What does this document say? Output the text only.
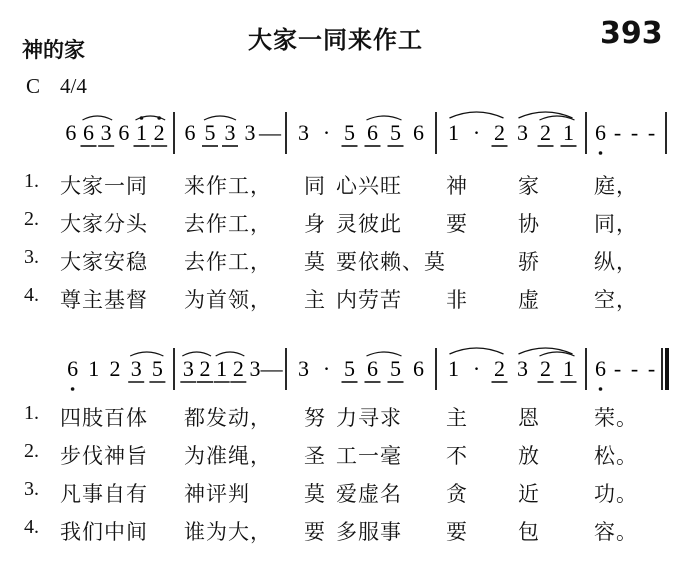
神的家	大家一同来作工	393
C 4/4
6 6 3 6 1 2 6 5 3 3 — 3 · 5 6 5 6 1 · 2 3 2 1 6 - - -
6 1 2 3 5 3 2 1 2 3 — 3 · 5 6 5 6 1 · 2 3 2 1 6 - - -
1. 大家一同 来作工， 同 心兴旺 神 家	庭，
2. 大家分头 去作工， 身 灵彼此 要 协	同，
3. 大家安稳 去作工， 莫 要依赖、莫	骄	纵，
4. 尊主基督 为首领， 主 内劳苦 非 虚	空，
1. 四肢百体 都发动， 努 力寻求 主 恩	荣。
2. 步伐神旨 为准绳， 圣 工一毫 不 放	松。
3. 凡事自有 神评判	莫 爱虚名 贪 近	功。
4. 我们中间 谁为大， 要 多服事 要 包	容。
